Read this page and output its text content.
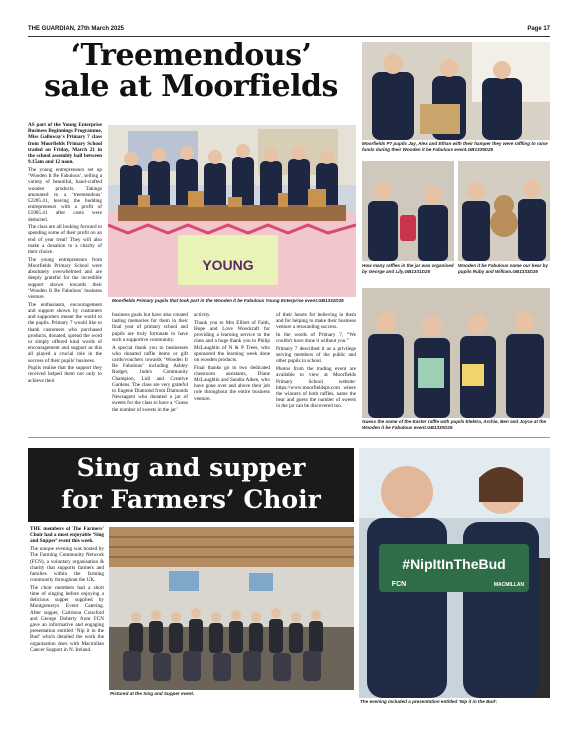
THE GUARDIAN, 27th March 2025	Page 17
‘Treemendous’
sale at Moorfields

AS part of the Young Enterprise Business Beginnings Programme, Miss Galloway's Primary 7 class from Moorfields Primary School traded on Friday, March 21 in the school assembly hall between 9.15am and 12 noon.

The young entrepreneurs set up ‘Wooden It Be Fabulous’, selling a variety of beautiful, hand-crafted wooden products. Takings amounted to a ‘treemendous’ £2205.41, leaving the budding entrepreneurs with a profit of £1905.41 after costs were deducted.

The class are all looking forward to spending some of their profit on an end of year treat! They will also make a donation to a charity of their choice.

The young entrepreneurs from Moorfields Primary School were absolutely overwhelmed and are deeply grateful for the incredible support shown towards their ‘Wooden It Be Fabulous’ business venture.

The enthusiasm, encouragement and support shown by customers and supporters meant the world to the pupils. Primary 7 would like to thank customers who purchased products, donated, spread the word or simply offered kind words of encouragement and support as this all played a crucial role in the success of their pupils' business.

Pupils realise that the support they received helped them not only to achieve their

YOUNG
Moorfields Primary pupils that took part in the Wooden it be Fabulous Young Enterprise event.GB1332D25

business goals but have also created lasting memories for them in their final year of primary school and pupils are truly fortunate to have such a supportive community.

A special thank you to businesses who donated raffle items or gift cards/vouchers towards ‘Wooden It Be Fabulous’ including Ashley Rodger, Jude's Community Champion, Lidl and Creative Gardens. The class are very grateful to Eugene Diamond from Diamonds Newsagent who donated a jar of sweets for the class to have a ‘Guess the number of sweets in the jar’

activity.

Thank you to Mrs Elliott of Faith, Hope and Love Woodcraft for providing a learning service to the class and a huge thank you to Philip McLaughlin of N & P Trees, who sponsored the learning week done on wooden products.

Final thanks go to two dedicated classroom assistants, Diane McLaughlin and Sandra Aiken, who have gone over and above their job role throughout the entire business venture.

of their hearts for believing in them and for helping to make their business venture a resounding success.

In the words of Primary 7, “We couldn't have done it without you.”

Primary 7 described it as a privilege serving members of the public and other pupils in school.

Photos from the trading event are available to view at Moorfields Primary School website: https://www.moorfieldsps.com where the winners of both raffles, name the bear and guess the number of sweets in the jar can be discovered too.

Moorfields P7 pupils Jay, Alex and Ethan with their hamper they were raffling to raise funds during their Wooden it be Fabulous event.GB1329D25
How many raffles in the jar was organised by George and Lily.GB1331D25
Wooden it be Fabulous name our bear by pupils Ruby and William.GB1333D25
Guess the name of the Easter raffle with pupils Elektra, Archie, Ben and Joyce at the Wooden it be Fabulous event.GB1330D25
Sing and supper
for Farmers’ Choir

THE members of The Farmers' Choir had a most enjoyable ‘Sing and Supper’ event this week.

The unique evening was hosted by The Farming Community Network (FCN), a voluntary organisation & charity that supports farmers and families within the farming community throughout the UK.

The choir members had a short time of singing before enjoying a delicious supper supplied by Montgomerys Event Catering. After supper, Caitriona Crawford and George Doherty from FCN gave an informative and engaging presentation entitled ‘Nip it in the Bud’ which detailed the work the organisation does with Macmillan Cancer Support in N. Ireland.

Pictured at the Sing and Supper event.
#NipItInTheBud
FCN	MACMILLAN
The evening included a presentation entitled ‘Nip it in the Bud’.
